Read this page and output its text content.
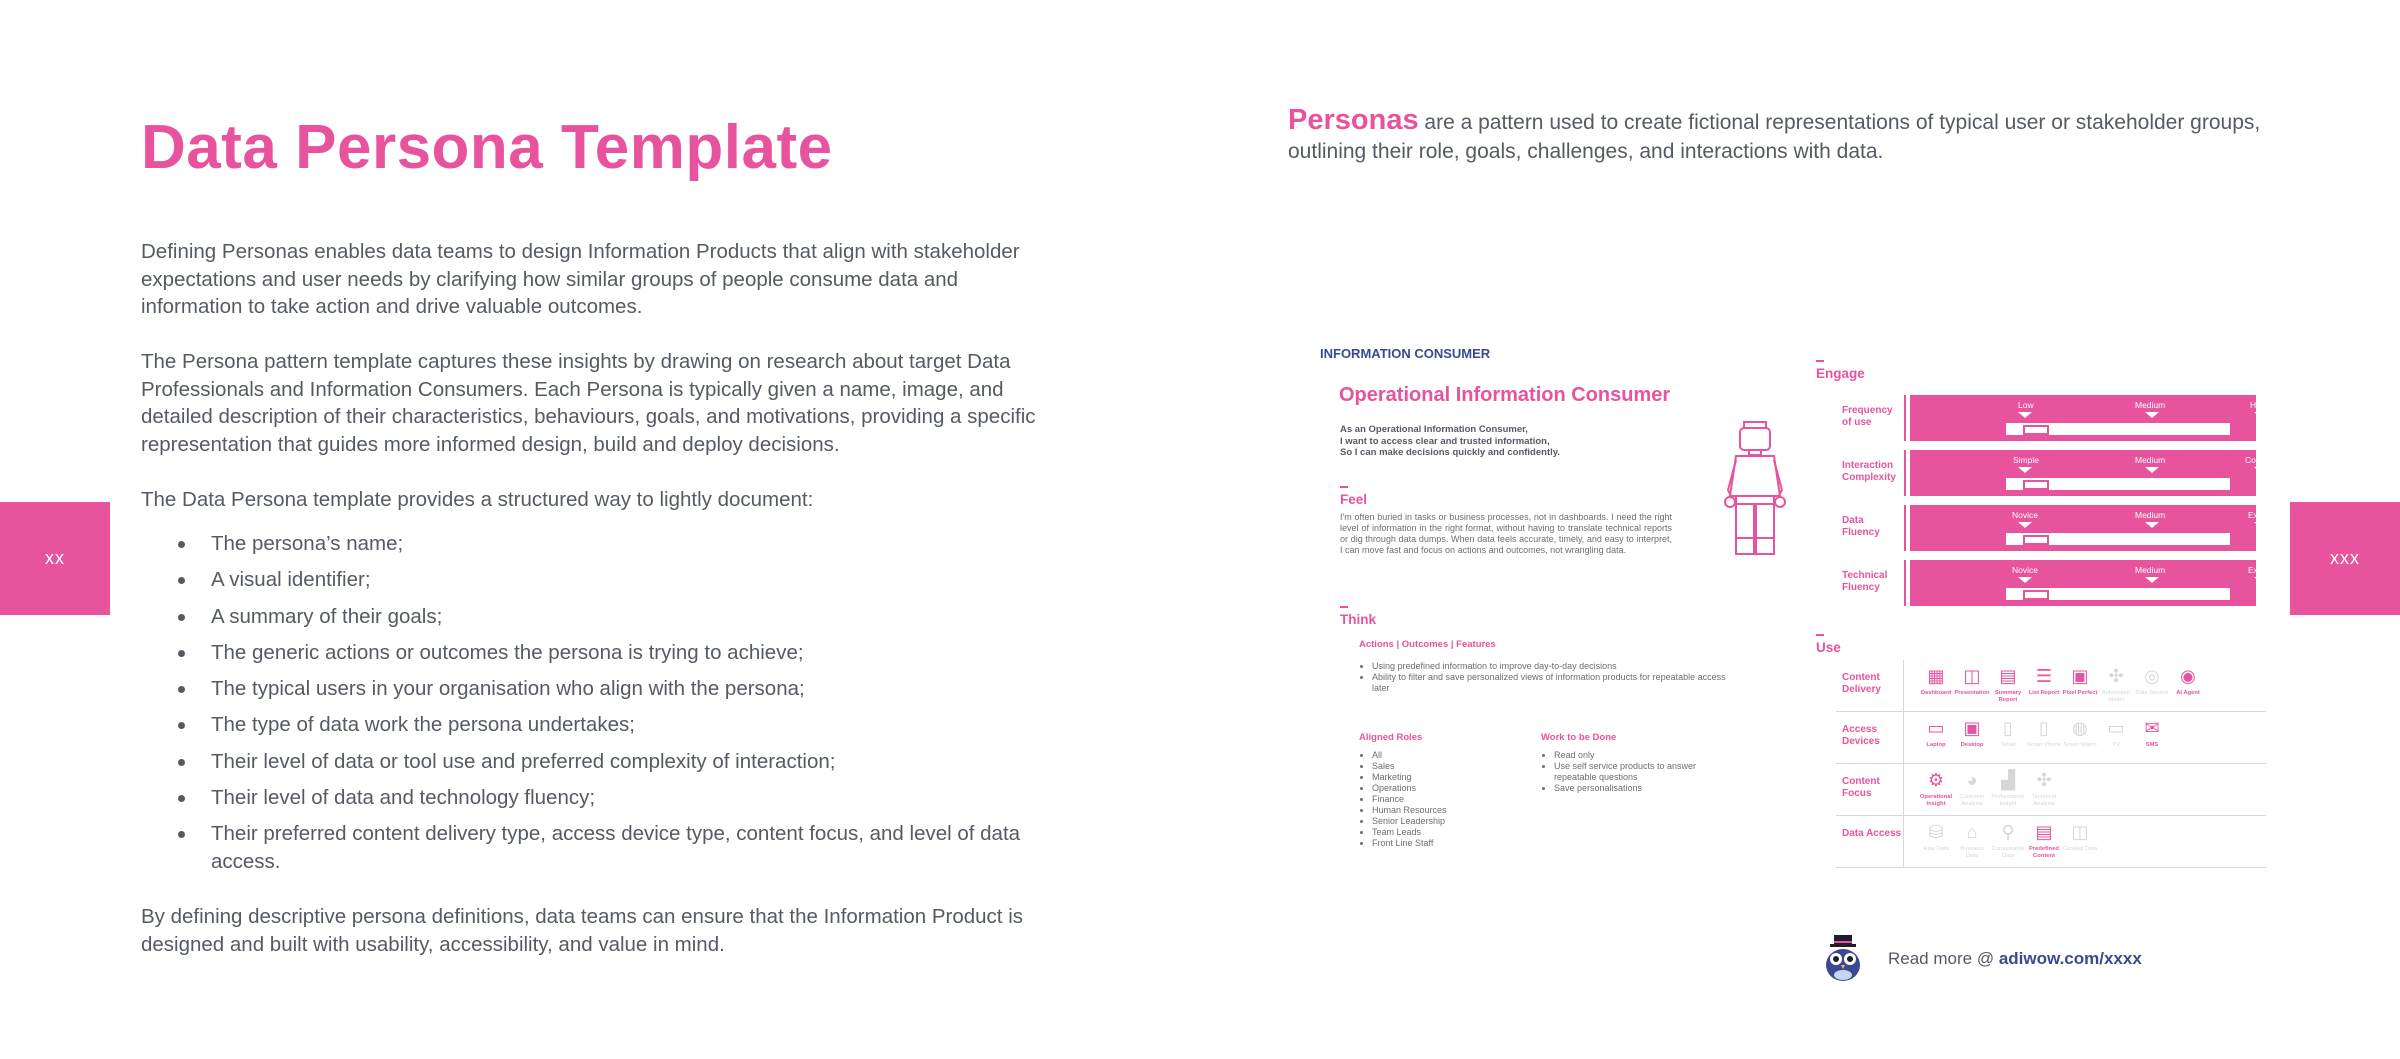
Data Persona Template

Defining Personas enables data teams to design Information Products that align with stakeholder expectations and user needs by clarifying how similar groups of people consume data and information to take action and drive valuable outcomes.

The Persona pattern template captures these insights by drawing on research about target Data Professionals and Information Consumers. Each Persona is typically given a name, image, and detailed description of their characteristics, behaviours, goals, and motivations, providing a specific representation that guides more informed design, build and deploy decisions.

The Data Persona template provides a structured way to lightly document:

The persona’s name;
A visual identifier;
A summary of their goals;
The generic actions or outcomes the persona is trying to achieve;
The typical users in your organisation who align with the persona;
The type of data work the persona undertakes;
Their level of data or tool use and preferred complexity of interaction;
Their level of data and technology fluency;
Their preferred content delivery type, access device type, content focus, and level of data access.

By defining descriptive persona definitions, data teams can ensure that the Information Product is designed and built with usability, accessibility, and value in mind.

xx	xxx

Personas are a pattern used to create fictional representations of typical user or stakeholder groups, outlining their role, goals, challenges, and interactions with data.

INFORMATION CONSUMER
Operational Information Consumer
As an Operational Information Consumer,
I want to access clear and trusted information,
So I can make decisions quickly and confidently.
Feel

I'm often buried in tasks or business processes, not in dashboards. I need the right level of information in the right format, without having to translate technical reports or dig through data dumps. When data feels accurate, timely, and easy to interpret, I can move fast and focus on actions and outcomes, not wrangling data.

Think
Actions | Outcomes | Features
• Using predefined information to improve day-to-day decisions
• Ability to filter and save personalized views of information products for repeatable access later
Aligned Roles
• All
• Sales
• Marketing
• Operations
• Finance
• Human Resources
• Senior Leadership
• Team Leads
• Front Line Staff
Work to be Done
• Read only
• Use self service products to answer repeatable questions
• Save personalisations
Engage
Frequency of use
Low	Medium	High
Interaction Complexity
Simple	Medium	Complex
Data Fluency
Novice	Medium	Expert
Technical Fluency
Novice	Medium	Expert
Use
Content Delivery
▦
Dashboard
◫
Presentation
▤
Summary Report
☰
List Report
▣
Pixel Perfect
✣
Automated Model
◎
Data Service
◉
AI Agent
Access Devices
▭
Laptop
▣
Desktop
▯
Tablet
▯
Smart Phone
◍
Smart Watch
▭
TV
✉
SMS
Content Focus
⚙
Operational Insight
◕
Customer Analysis
▟
Performance Insight
✣
Technical Analysis
Data Access ⛁
Raw Data
⌂
Business Data
⚲
Consumable Data
▤
Predefined Content
◫
Curated Data
Read more @ adiwow.com/xxxx
